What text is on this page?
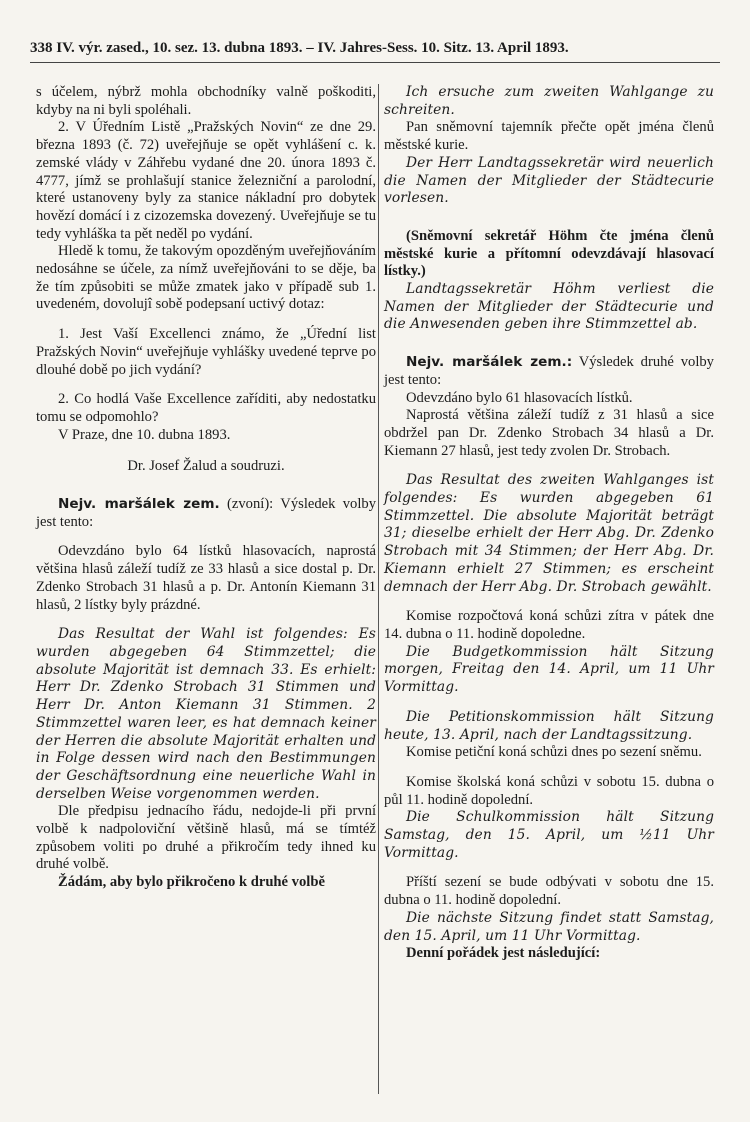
338 IV. výr. zased., 10. sez. 13. dubna 1893. – IV. Jahres-Sess. 10. Sitz. 13. April 1893.

s účelem, nýbrž mohla obchodníky valně poškoditi, kdyby na ni byli spoléhali.

2. V Úředním Listě „Pražských Novin“ ze dne 29. března 1893 (č. 72) uveřejňuje se opět vyhlášení c. k. zemské vlády v Záhřebu vydané dne 20. února 1893 č. 4777, jímž se prohlašují stanice železniční a parolodní, které ustanoveny byly za stanice nákladní pro dobytek hovězí domácí i z cizozemska dovezený. Uveřejňuje se tu tedy vyhláška ta pět neděl po vydání.

Hledě k tomu, že takovým opozděným uveřejňováním nedosáhne se účele, za nímž uveřejňováni to se děje, ba že tím způsobiti se může zmatek jako v případě sub 1. uvedeném, dovolujî sobě podepsaní uctivý dotaz:

1. Jest Vaší Excellenci známo, že „Úřední list Pražských Novin“ uveřejňuje vyhlášky uvedené teprve po dlouhé době po jich vydání?

2. Co hodlá Vaše Excellence zaříditi, aby nedostatku tomu se odpomohlo?

V Praze, dne 10. dubna 1893.

Dr. Josef Žalud a soudruzi.

Nejv. maršálek zem. (zvoní): Výsledek volby jest tento:

Odevzdáno bylo 64 lístků hlasovacích, naprostá většina hlasů záleží tudíž ze 33 hlasů a sice dostal p. Dr. Zdenko Strobach 31 hlasů a p. Dr. Antonín Kiemann 31 hlasů, 2 lístky byly prázdné.

Das Resultat der Wahl ist folgendes: Es wurden abgegeben 64 Stimmzettel; die absolute Majorität ist demnach 33. Es erhielt: Herr Dr. Zdenko Strobach 31 Stimmen und Herr Dr. Anton Kiemann 31 Stimmen. 2 Stimmzettel waren leer, es hat demnach keiner der Herren die absolute Majorität erhalten und in Folge dessen wird nach den Bestimmungen der Geschäftsordnung eine neuerliche Wahl in derselben Weise vorgenommen werden.

Dle předpisu jednacího řádu, nedojde-li při první volbě k nadpoloviční většině hlasů, má se tímtéž způsobem voliti po druhé a přikročím tedy ihned ku druhé volbě.

Žádám, aby bylo přikročeno k druhé volbě

Ich ersuche zum zweiten Wahlgange zu schreiten.

Pan sněmovní tajemník přečte opět jména členů městské kurie.

Der Herr Landtagssekretär wird neuerlich die Namen der Mitglieder der Städtecurie vorlesen.

(Sněmovní sekretář Höhm čte jména členů městské kurie a přítomní odevzdávají hlasovací lístky.)

Landtagssekretär Höhm verliest die Namen der Mitglieder der Städtecurie und die Anwesenden geben ihre Stimmzettel ab.

Nejv. maršálek zem.: Výsledek druhé volby jest tento:

Odevzdáno bylo 61 hlasovacích lístků.

Naprostá většina záleží tudíž z 31 hlasů a sice obdržel pan Dr. Zdenko Strobach 34 hlasů a Dr. Kiemann 27 hlasů, jest tedy zvolen Dr. Strobach.

Das Resultat des zweiten Wahlganges ist folgendes: Es wurden abgegeben 61 Stimmzettel. Die absolute Majorität beträgt 31; dieselbe erhielt der Herr Abg. Dr. Zdenko Strobach mit 34 Stimmen; der Herr Abg. Dr. Kiemann erhielt 27 Stimmen; es erscheint demnach der Herr Abg. Dr. Strobach gewählt.

Komise rozpočtová koná schůzi zítra v pátek dne 14. dubna o 11. hodině dopoledne.

Die Budgetkommission hält Sitzung morgen, Freitag den 14. April, um 11 Uhr Vormittag.

Die Petitionskommission hält Sitzung heute, 13. April, nach der Landtagssitzung.

Komise petiční koná schůzi dnes po sezení sněmu.

Komise školská koná schůzi v sobotu 15. dubna o půl 11. hodině dopolední.

Die Schulkommission hält Sitzung Samstag, den 15. April, um ½11 Uhr Vormittag.

Příští sezení se bude odbývati v sobotu dne 15. dubna o 11. hodině dopolední.

Die nächste Sitzung findet statt Samstag, den 15. April, um 11 Uhr Vormittag.

Denní pořádek jest následující:
